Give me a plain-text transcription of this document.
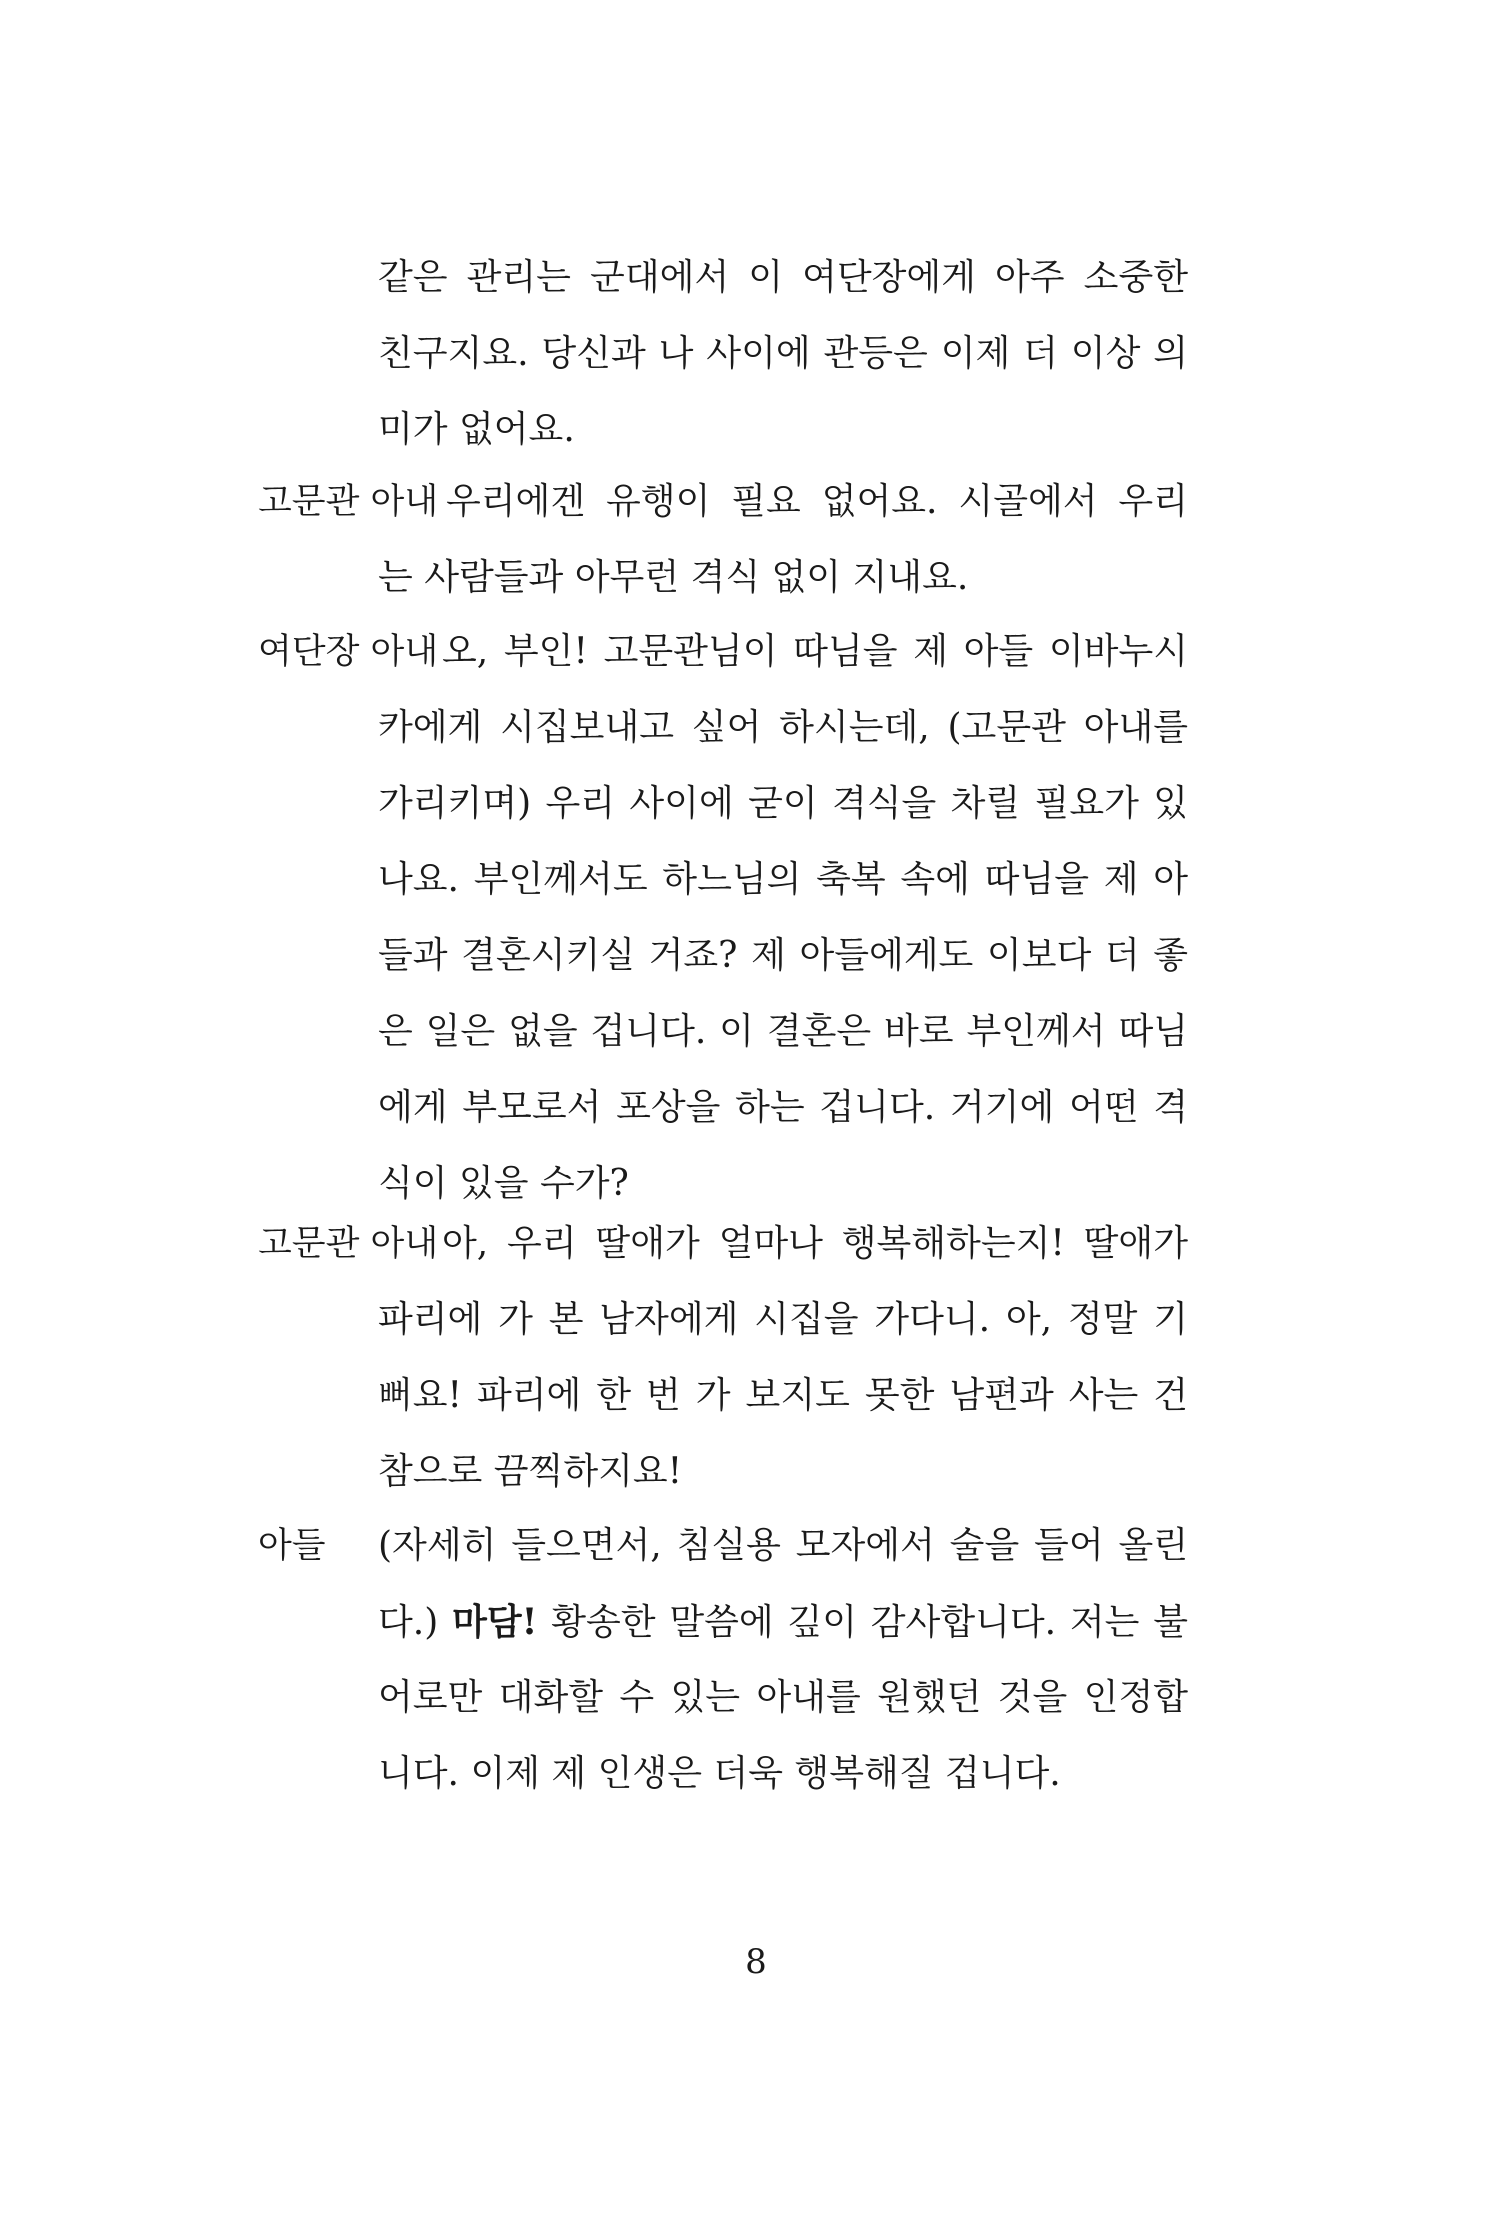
같은 관리는 군대에서 이 여단장에게 아주 소중한
친구지요. 당신과 나 사이에 관등은 이제 더 이상 의
미가 없어요.
고문관 아내 우리에겐 유행이 필요 없어요. 시골에서 우리
는 사람들과 아무런 격식 없이 지내요.
여단장 아내 오, 부인! 고문관님이 따님을 제 아들 이바누시
카에게 시집보내고 싶어 하시는데, (고문관 아내를
가리키며) 우리 사이에 굳이 격식을 차릴 필요가 있
나요. 부인께서도 하느님의 축복 속에 따님을 제 아
들과 결혼시키실 거죠? 제 아들에게도 이보다 더 좋
은 일은 없을 겁니다. 이 결혼은 바로 부인께서 따님
에게 부모로서 포상을 하는 겁니다. 거기에 어떤 격
식이 있을 수가?
고문관 아내 아, 우리 딸애가 얼마나 행복해하는지! 딸애가
파리에 가 본 남자에게 시집을 가다니. 아, 정말 기
뻐요! 파리에 한 번 가 보지도 못한 남편과 사는 건
참으로 끔찍하지요!
아들 (자세히 들으면서, 침실용 모자에서 술을 들어 올린
다.) 마담! 황송한 말씀에 깊이 감사합니다. 저는 불
어로만 대화할 수 있는 아내를 원했던 것을 인정합
니다. 이제 제 인생은 더욱 행복해질 겁니다.
8
